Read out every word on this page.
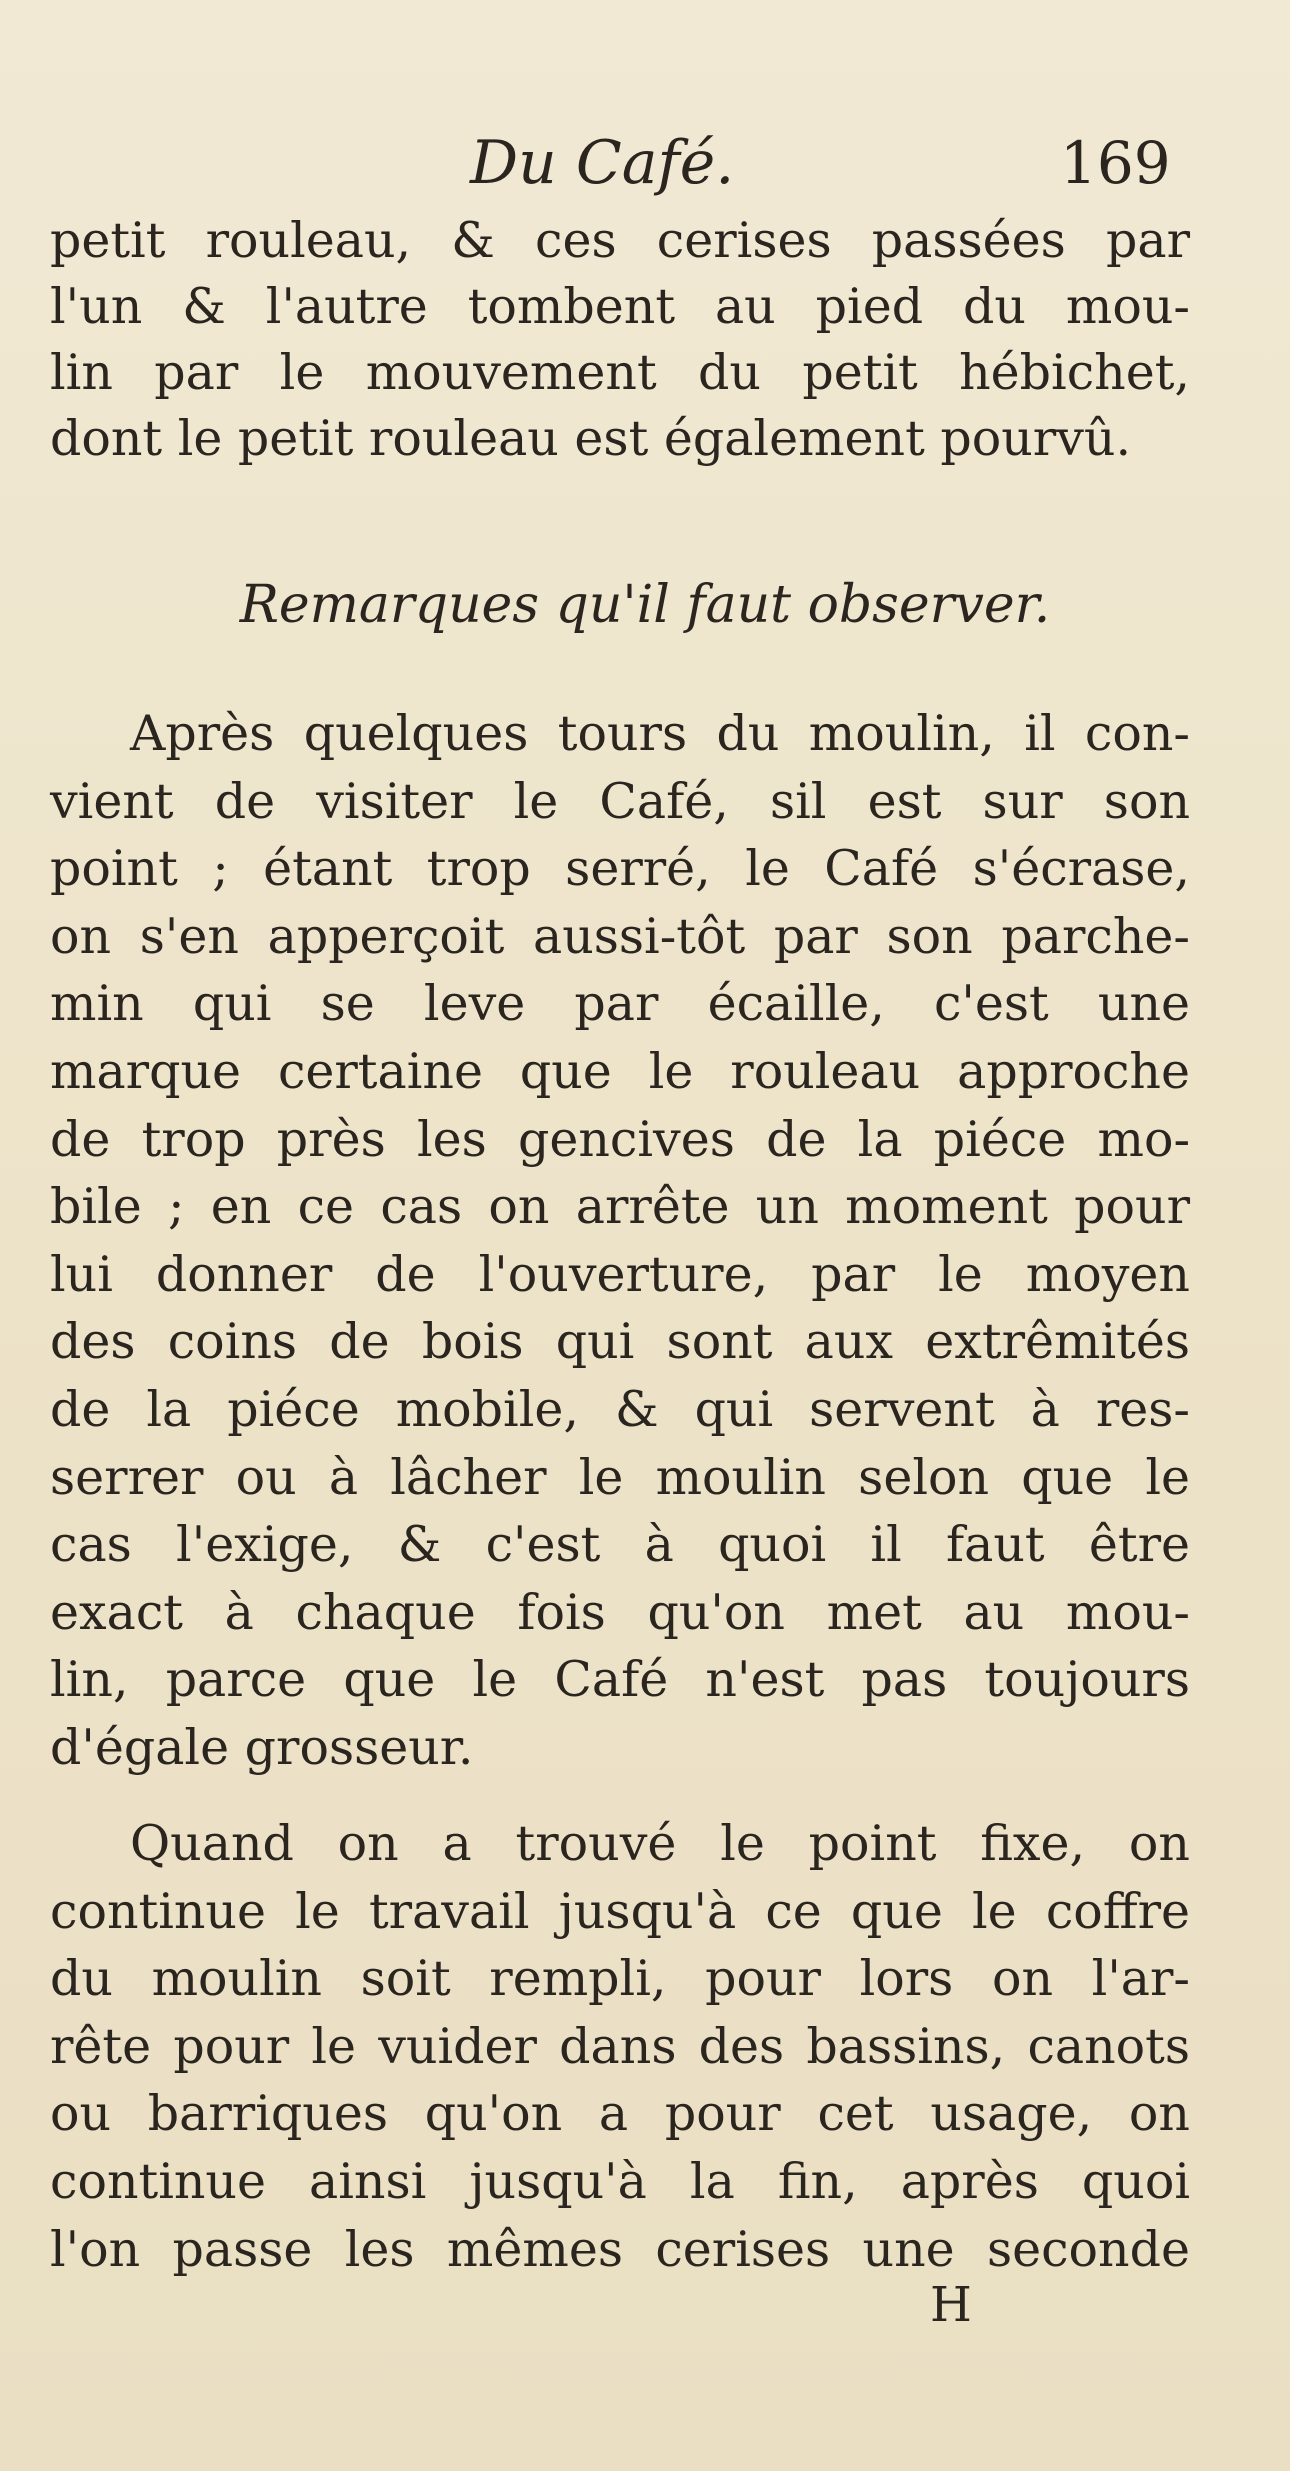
Du Café.	169
petit rouleau, & ces cerises passées par
l'un & l'autre tombent au pied du mou-
lin par le mouvement du petit hébichet,
dont le petit rouleau est également pourvû.
Remarques qu'il faut observer.
Après quelques tours du moulin, il con-
vient de visiter le Café, sil est sur son
point ; étant trop serré, le Café s'écrase,
on s'en apperçoit aussi-tôt par son parche-
min qui se leve par écaille, c'est une
marque certaine que le rouleau approche
de trop près les gencives de la piéce mo-
bile ; en ce cas on arrête un moment pour
lui donner de l'ouverture, par le moyen
des coins de bois qui sont aux extrêmités
de la piéce mobile, & qui servent à res-
serrer ou à lâcher le moulin selon que le
cas l'exige, & c'est à quoi il faut être
exact à chaque fois qu'on met au mou-
lin, parce que le Café n'est pas toujours
d'égale grosseur.
Quand on a trouvé le point fixe, on
continue le travail jusqu'à ce que le coffre
du moulin soit rempli, pour lors on l'ar-
rête pour le vuider dans des bassins, canots
ou barriques qu'on a pour cet usage, on
continue ainsi jusqu'à la fin, après quoi
l'on passe les mêmes cerises une seconde
H
